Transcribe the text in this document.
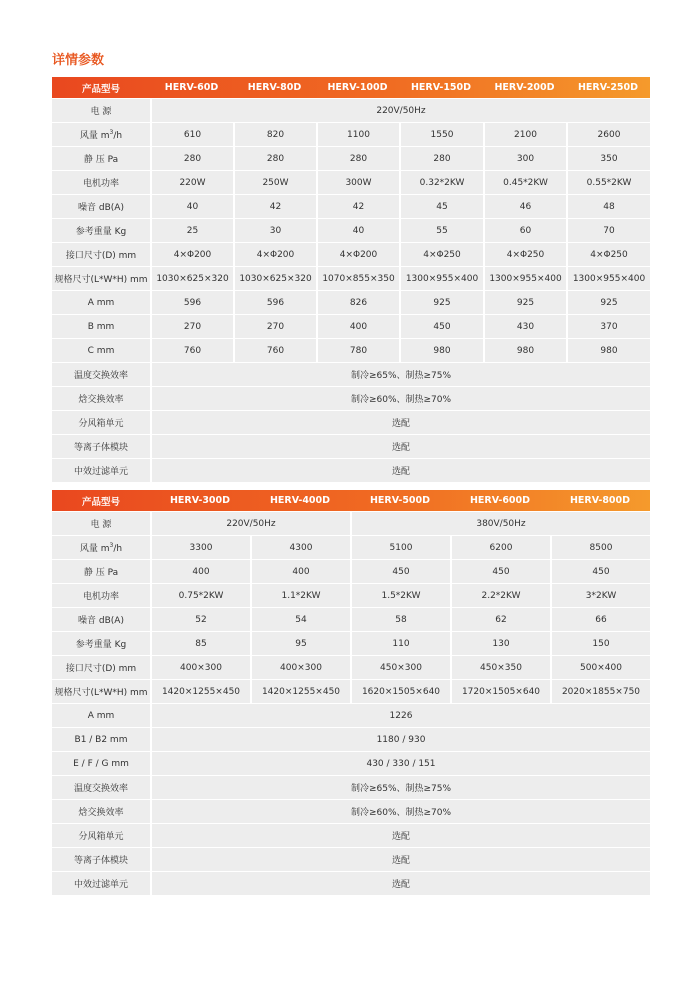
详情参数
产品型号	HERV-60D	HERV-80D	HERV-100D	HERV-150D	HERV-200D	HERV-250D
电 源	220V/50Hz					
风量 $m^3/h$	610	820	1100	1550	2100	2600
静 压 Pa	280	280	280	280	300	350
电机功率	220W	250W	300W	0.32*2KW	0.45*2KW	0.55*2KW
噪音 dB(A)	40	42	42	45	46	48
参考重量 Kg	25	30	40	55	60	70
接口尺寸(D) mm	4×Φ200	4×Φ200	4×Φ200	4×Φ250	4×Φ250	4×Φ250
规格尺寸(L*W*H) mm	1030×625×320	1030×625×320	1070×855×350	1300×955×400	1300×955×400	1300×955×400
A mm	596	596	826	925	925	925
B mm	270	270	400	450	430	370
C mm	760	760	780	980	980	980
温度交换效率	制冷≥65%、制热≥75%					
焓交换效率	制冷≥60%、制热≥70%					
分风箱单元	选配					
等离子体模块	选配					
中效过滤单元	选配					
产品型号	HERV-300D	HERV-400D	HERV-500D	HERV-600D	HERV-800D
电 源	220V/50Hz		380V/50Hz		
风量 $m^3/h$	3300	4300	5100	6200	8500
静 压 Pa	400	400	450	450	450
电机功率	0.75*2KW	1.1*2KW	1.5*2KW	2.2*2KW	3*2KW
噪音 dB(A)	52	54	58	62	66
参考重量 Kg	85	95	110	130	150
接口尺寸(D) mm	400×300	400×300	450×300	450×350	500×400
规格尺寸(L*W*H) mm	1420×1255×450	1420×1255×450	1620×1505×640	1720×1505×640	2020×1855×750
A mm	1226				
B1 / B2 mm	1180 / 930				
E / F / G mm	430 / 330 / 151				
温度交换效率	制冷≥65%、制热≥75%				
焓交换效率	制冷≥60%、制热≥70%				
分风箱单元	选配				
等离子体模块	选配				
中效过滤单元	选配				
